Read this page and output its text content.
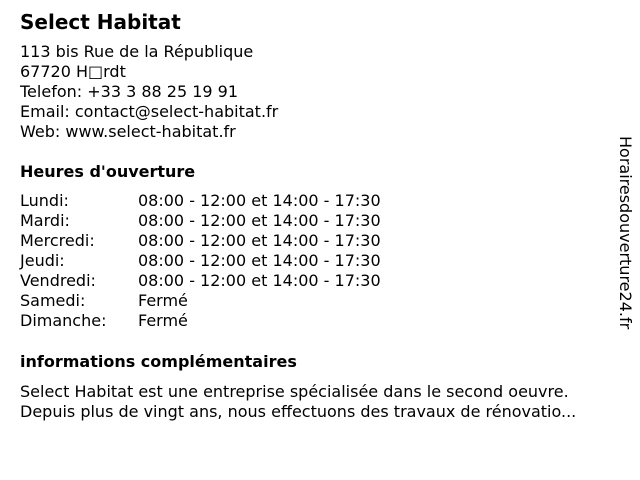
Select Habitat
113 bis Rue de la République
67720 H□rdt
Telefon: +33 3 88 25 19 91
Email: contact@select-habitat.fr
Web: www.select-habitat.fr
Heures d'ouverture
Lundi:	08:00 - 12:00 et 14:00 - 17:30
Mardi:	08:00 - 12:00 et 14:00 - 17:30
Mercredi:	08:00 - 12:00 et 14:00 - 17:30
Jeudi:	08:00 - 12:00 et 14:00 - 17:30
Vendredi:	08:00 - 12:00 et 14:00 - 17:30
Samedi:	Fermé
Dimanche:	Fermé
informations complémentaires
Select Habitat est une entreprise spécialisée dans le second oeuvre.
Depuis plus de vingt ans, nous effectuons des travaux de rénovatio...
Horairesdouverture24.fr
